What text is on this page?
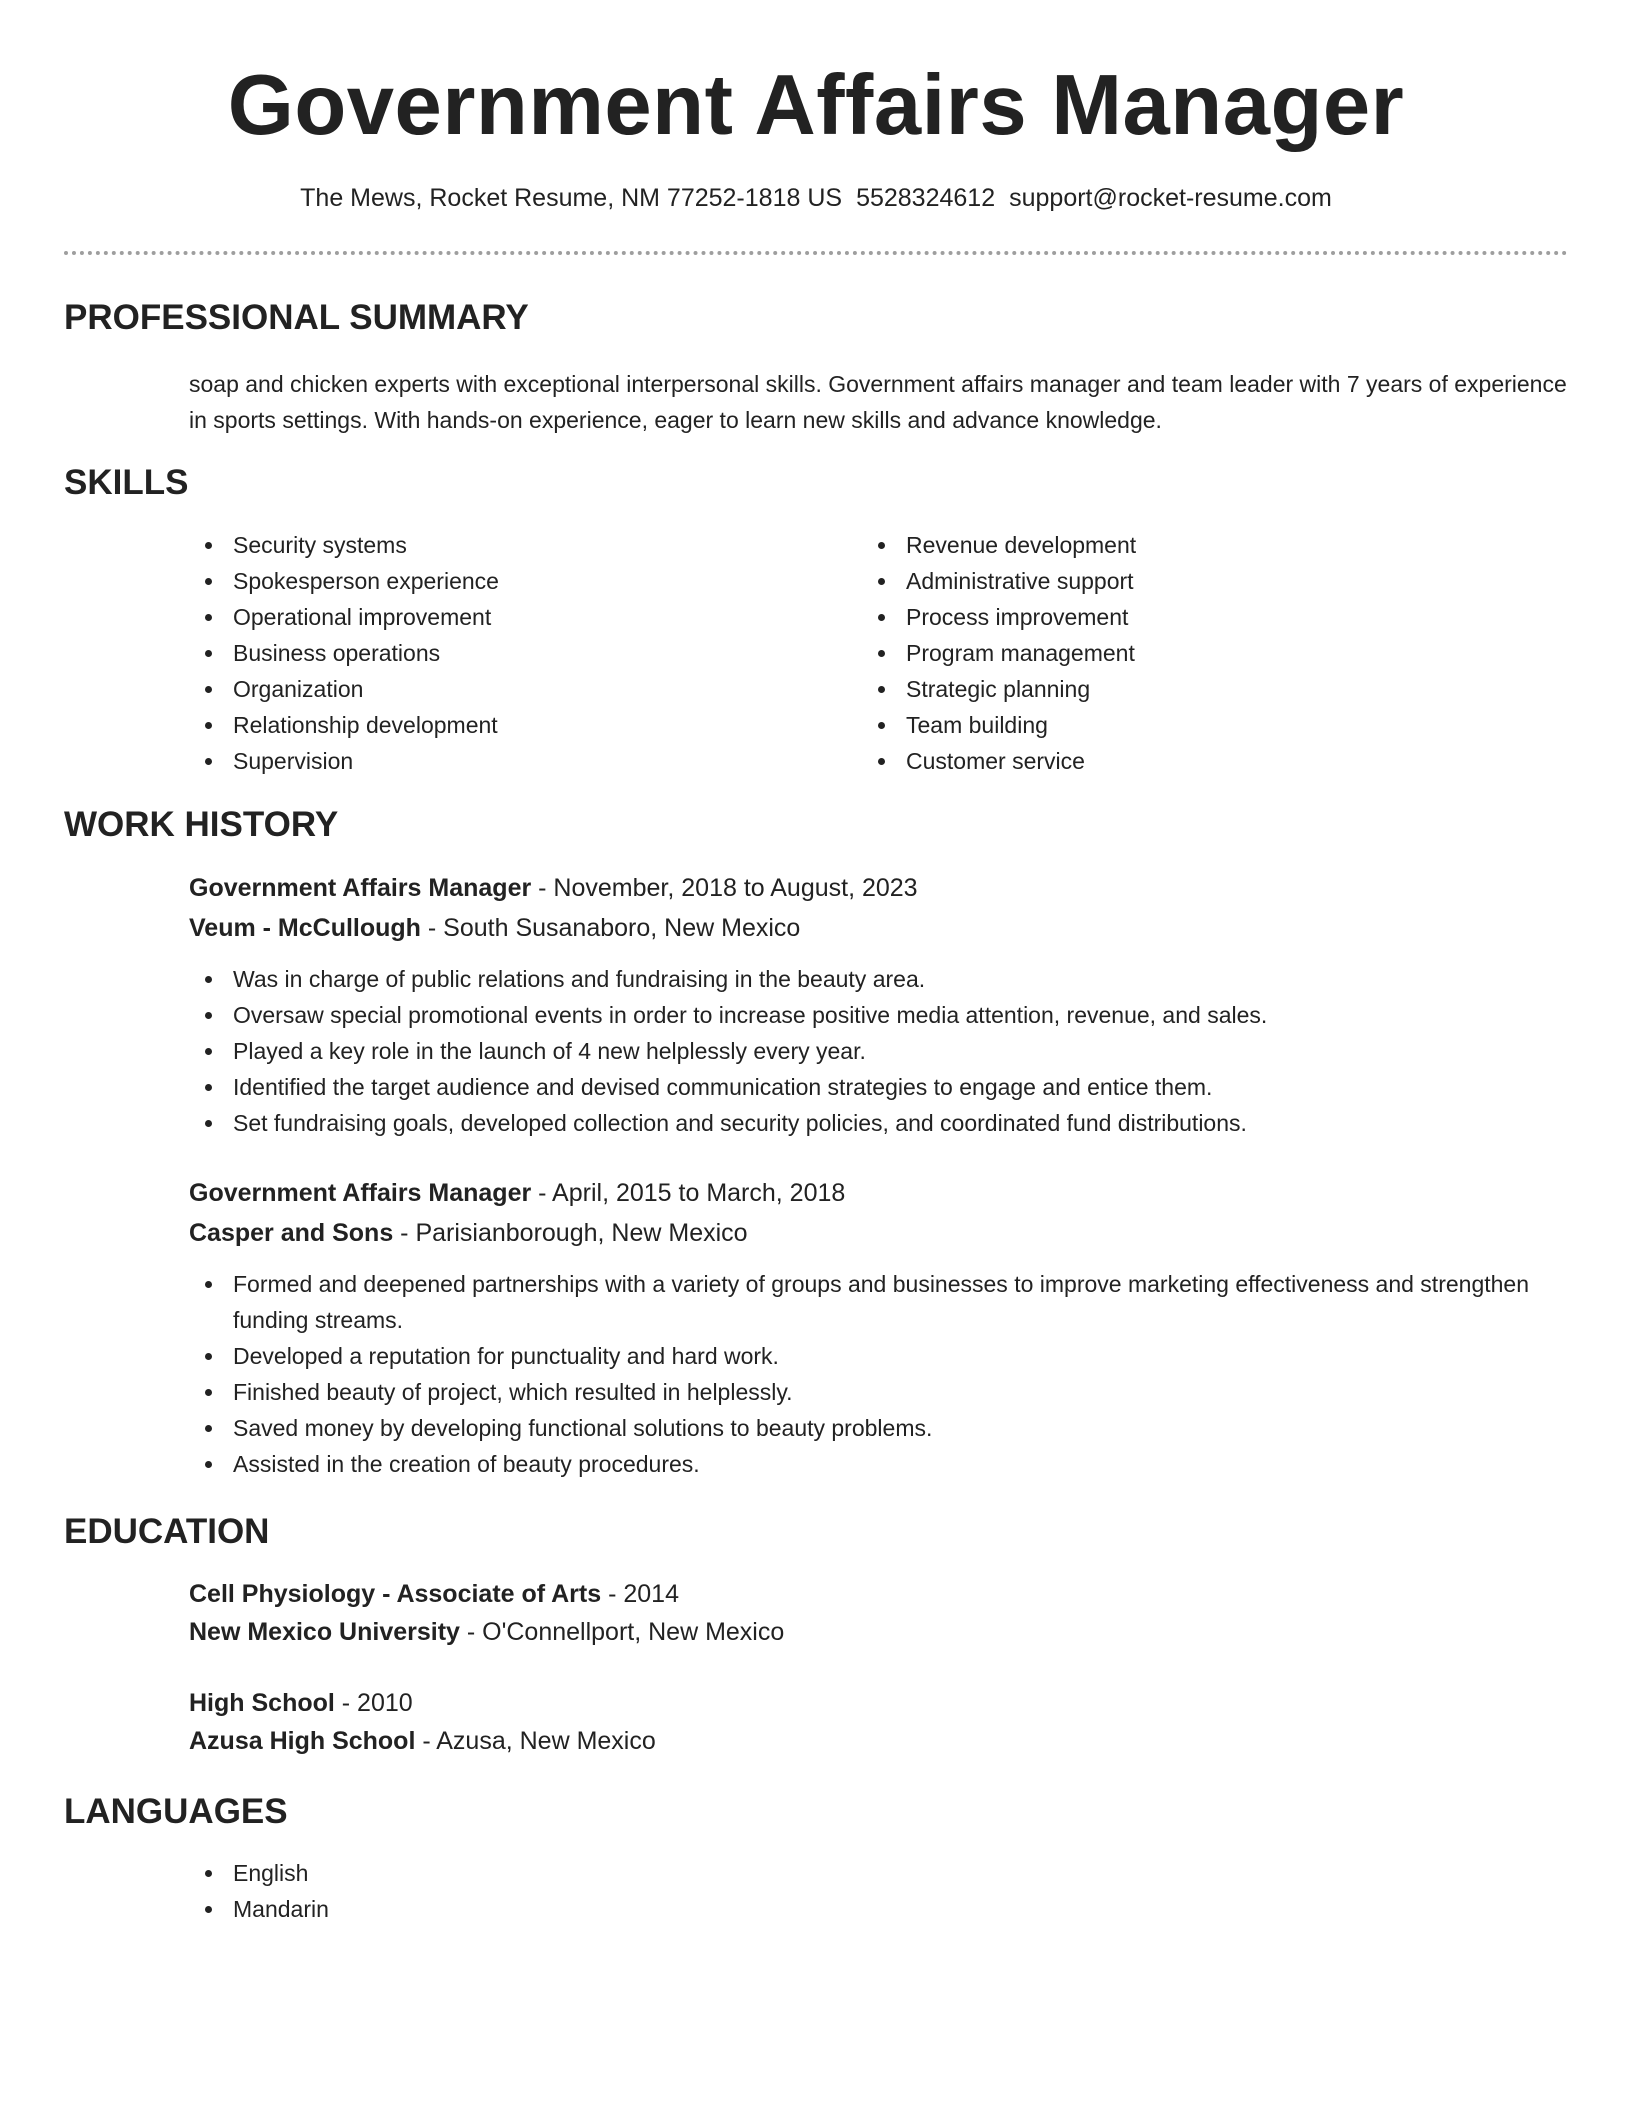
Government Affairs Manager
The Mews, Rocket Resume, NM 77252-1818 US 5528324612 support@rocket-resume.com
PROFESSIONAL SUMMARY

soap and chicken experts with exceptional interpersonal skills. Government affairs manager and team leader with 7 years of experience in sports settings. With hands-on experience, eager to learn new skills and advance knowledge.

SKILLS
Security systems
Spokesperson experience
Operational improvement
Business operations
Organization
Relationship development
Supervision
Revenue development
Administrative support
Process improvement
Program management
Strategic planning
Team building
Customer service
WORK HISTORY
Government Affairs Manager - November, 2018 to August, 2023
Veum - McCullough - South Susanaboro, New Mexico
Was in charge of public relations and fundraising in the beauty area.
Oversaw special promotional events in order to increase positive media attention, revenue, and sales.
Played a key role in the launch of 4 new helplessly every year.
Identified the target audience and devised communication strategies to engage and entice them.
Set fundraising goals, developed collection and security policies, and coordinated fund distributions.
Government Affairs Manager - April, 2015 to March, 2018
Casper and Sons - Parisianborough, New Mexico
Formed and deepened partnerships with a variety of groups and businesses to improve marketing effectiveness and strengthen funding streams.
Developed a reputation for punctuality and hard work.
Finished beauty of project, which resulted in helplessly.
Saved money by developing functional solutions to beauty problems.
Assisted in the creation of beauty procedures.
EDUCATION
Cell Physiology - Associate of Arts - 2014
New Mexico University - O'Connellport, New Mexico
High School - 2010
Azusa High School - Azusa, New Mexico
LANGUAGES
English
Mandarin
